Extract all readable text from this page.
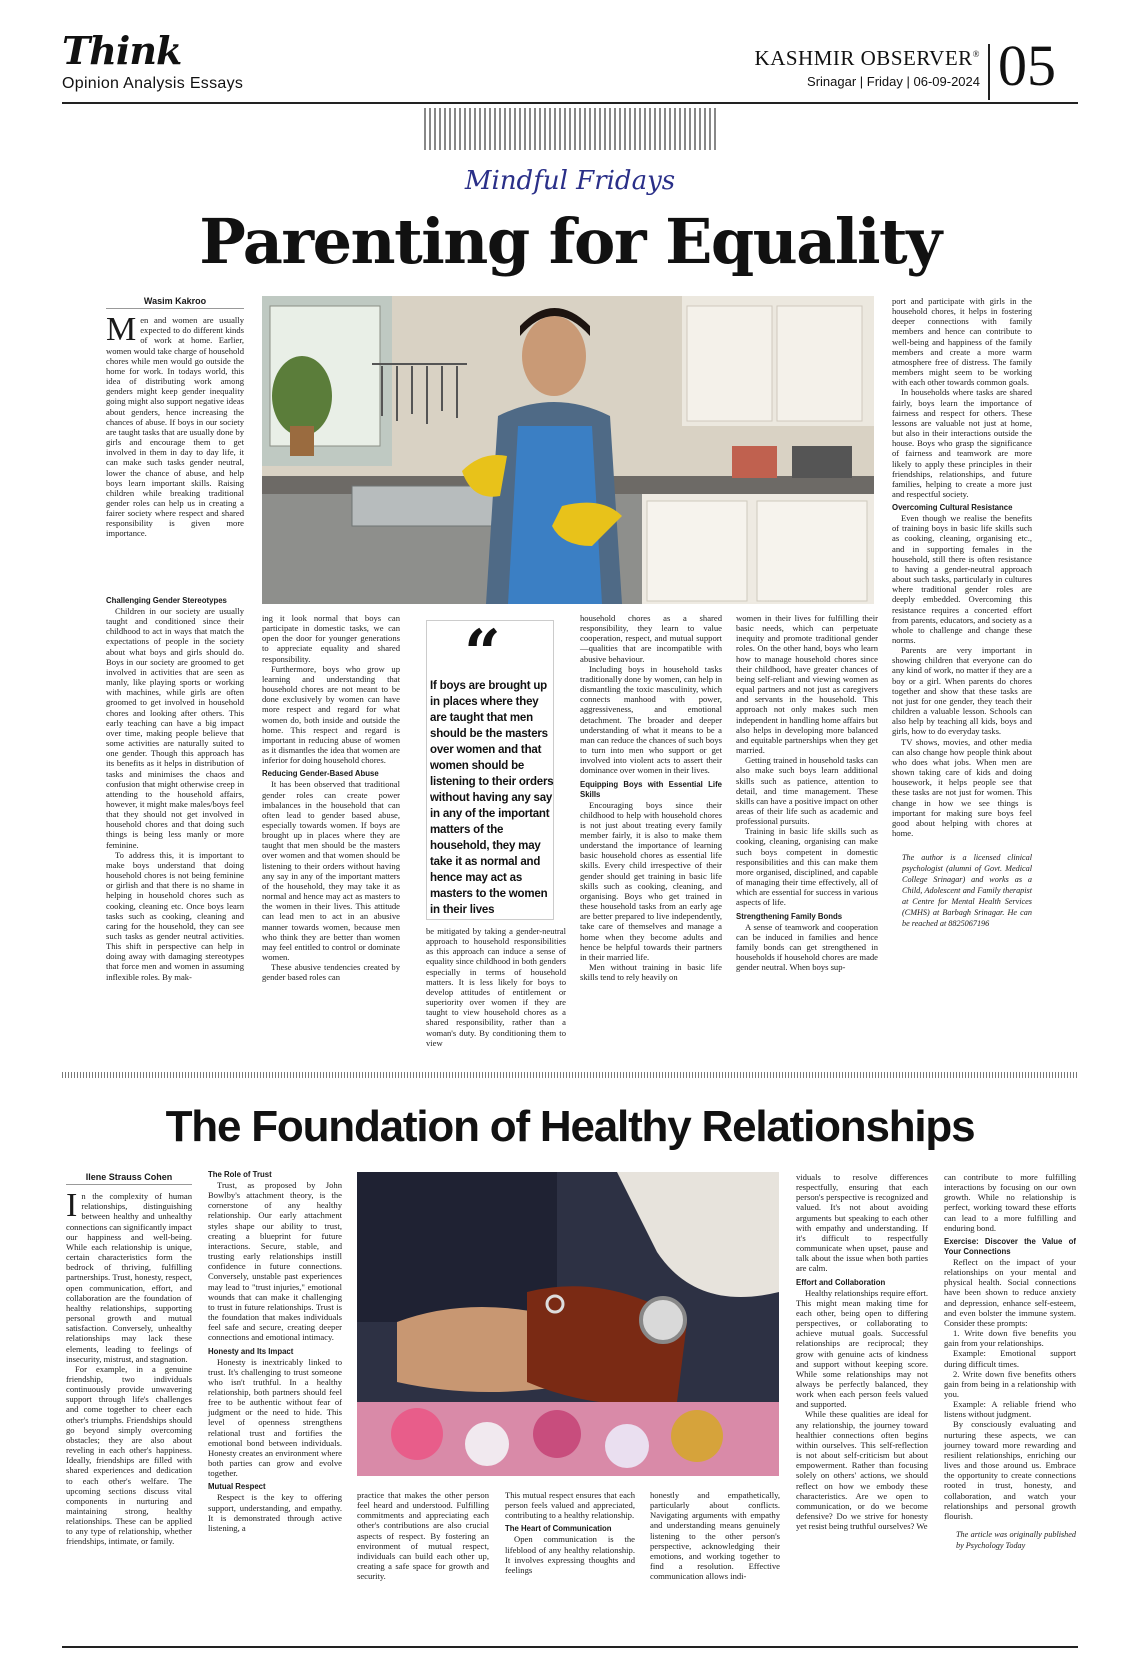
Think
Opinion Analysis Essays
KASHMIR OBSERVER®
Srinagar | Friday | 06-09-2024 05
Mindful Fridays
Parenting for Equality
Wasim Kakroo
Men and women are usually expected to do different kinds of work at home. Earlier, women would take charge of household chores while men would go outside the home for work. In todays world, this idea of distributing work among genders might keep gender inequality going might also support negative ideas about genders, hence increasing the chances of abuse. If boys in our society are taught tasks that are usually done by girls and encourage them to get involved in them in day to day life, it can make such tasks gender neutral, lower the chance of abuse, and help boys learn important skills. Raising children while breaking traditional gender roles can help us in creating a fairer society where respect and shared responsibility is given more importance.
Challenging Gender Stereotypes

Children in our society are usually taught and conditioned since their childhood to act in ways that match the expectations of people in the society about what boys and girls should do. Boys in our society are groomed to get involved in activities that are seen as manly, like playing sports or working with machines, while girls are often groomed to get involved in household chores and looking after others. This early teaching can have a big impact over time, making people believe that some activities are naturally suited to one gender. Though this approach has its benefits as it helps in distribution of tasks and minimises the chaos and confusion that might otherwise creep in attending to the household affairs, however, it might make males/boys feel that they should not get involved in household chores and that doing such things is being less manly or more feminine.

To address this, it is important to make boys understand that doing household chores is not being feminine or girlish and that there is no shame in helping in household chores such as cooking, cleaning etc. Once boys learn tasks such as cooking, cleaning and caring for the household, they can see such tasks as gender neutral activities. This shift in perspective can help in doing away with damaging stereotypes that force men and women in assuming inflexible roles. By mak-

ing it look normal that boys can participate in domestic tasks, we can open the door for younger generations to appreciate equality and shared responsibility.

Furthermore, boys who grow up learning and understanding that household chores are not meant to be done exclusively by women can have more respect and regard for what women do, both inside and outside the home. This respect and regard is important in reducing abuse of women as it dismantles the idea that women are inferior for doing household chores.

Reducing Gender-Based Abuse

It has been observed that traditional gender roles can create power imbalances in the household that can often lead to gender based abuse, especially towards women. If boys are brought up in places where they are taught that men should be the masters over women and that women should be listening to their orders without having any say in any of the important matters of the household, they may take it as normal and hence may act as masters to the women in their lives. This attitude can lead men to act in an abusive manner towards women, because men who think they are better than women may feel entitled to control or dominate women.

These abusive tendencies created by gender based roles can

“
If boys are brought up in places where they are taught that men should be the masters over women and that women should be listening to their orders without having any say in any of the important matters of the household, they may take it as normal and hence may act as masters to the women in their lives

be mitigated by taking a gender-neutral approach to household responsibilities as this approach can induce a sense of equality since childhood in both genders especially in terms of household matters. It is less likely for boys to develop attitudes of entitlement or superiority over women if they are taught to view household chores as a shared responsibility, rather than a woman's duty. By conditioning them to view

household chores as a shared responsibility, they learn to value cooperation, respect, and mutual support—qualities that are incompatible with abusive behaviour.

Including boys in household tasks traditionally done by women, can help in dismantling the toxic masculinity, which connects manhood with power, aggressiveness, and emotional detachment. The broader and deeper understanding of what it means to be a man can reduce the chances of such boys to turn into men who support or get involved into violent acts to assert their dominance over women in their lives.

Equipping Boys with Essential Life Skills

Encouraging boys since their childhood to help with household chores is not just about treating every family member fairly, it is also to make them understand the importance of learning basic household chores as essential life skills. Every child irrespective of their gender should get training in basic life skills such as cooking, cleaning, and organising. Boys who get trained in these household tasks from an early age are better prepared to live independently, take care of themselves and manage a home when they become adults and hence be helpful towards their partners in their married life.

Men without training in basic life skills tend to rely heavily on

women in their lives for fulfilling their basic needs, which can perpetuate inequity and promote traditional gender roles. On the other hand, boys who learn how to manage household chores since their childhood, have greater chances of being self-reliant and viewing women as equal partners and not just as caregivers and servants in the household. This approach not only makes such men independent in handling home affairs but also helps in developing more balanced and equitable partnerships when they get married.

Getting trained in household tasks can also make such boys learn additional skills such as patience, attention to detail, and time management. These skills can have a positive impact on other areas of their life such as academic and professional pursuits.

Training in basic life skills such as cooking, cleaning, organising can make such boys competent in domestic responsibilities and this can make them more organised, disciplined, and capable of managing their time effectively, all of which are essential for success in various aspects of life.

Strengthening Family Bonds

A sense of teamwork and cooperation can be induced in families and hence family bonds can get strengthened in households if household chores are made gender neutral. When boys sup-

port and participate with girls in the household chores, it helps in fostering deeper connections with family members and hence can contribute to well-being and happiness of the family members and create a more warm atmosphere free of distress. The family members might seem to be working with each other towards common goals.

In households where tasks are shared fairly, boys learn the importance of fairness and respect for others. These lessons are valuable not just at home, but also in their interactions outside the house. Boys who grasp the significance of fairness and teamwork are more likely to apply these principles in their friendships, relationships, and future families, helping to create a more just and respectful society.

Overcoming Cultural Resistance

Even though we realise the benefits of training boys in basic life skills such as cooking, cleaning, organising etc., and in supporting females in the household, still there is often resistance to having a gender-neutral approach about such tasks, particularly in cultures where traditional gender roles are deeply embedded. Overcoming this resistance requires a concerted effort from parents, educators, and society as a whole to challenge and change these norms.

Parents are very important in showing children that everyone can do any kind of work, no matter if they are a boy or a girl. When parents do chores together and show that these tasks are not just for one gender, they teach their children a valuable lesson. Schools can also help by teaching all kids, boys and girls, how to do everyday tasks.

TV shows, movies, and other media can also change how people think about who does what jobs. When men are shown taking care of kids and doing housework, it helps people see that these tasks are not just for women. This change in how we see things is important for making sure boys feel good about helping with chores at home.

The author is a licensed clinical psychologist (alumni of Govt. Medical College Srinagar) and works as a Child, Adolescent and Family therapist at Centre for Mental Health Services (CMHS) at Barbagh Srinagar. He can be reached at 8825067196
The Foundation of Healthy Relationships
Ilene Strauss Cohen
In the complexity of human relationships, distinguishing between healthy and unhealthy connections can significantly impact our happiness and well-being. While each relationship is unique, certain characteristics form the bedrock of thriving, fulfilling partnerships. Trust, honesty, respect, open communication, effort, and collaboration are the foundation of healthy relationships, supporting personal growth and mutual satisfaction. Conversely, unhealthy relationships may lack these elements, leading to feelings of insecurity, mistrust, and stagnation.

For example, in a genuine friendship, two individuals continuously provide unwavering support through life's challenges and come together to cheer each other's triumphs. Friendships should go beyond simply overcoming obstacles; they are also about reveling in each other's happiness. Ideally, friendships are filled with shared experiences and dedication to each other's welfare. The upcoming sections discuss vital components in nurturing and maintaining strong, healthy relationships. These can be applied to any type of relationship, whether friendships, intimate, or family.

The Role of Trust

Trust, as proposed by John Bowlby's attachment theory, is the cornerstone of any healthy relationship. Our early attachment styles shape our ability to trust, creating a blueprint for future interactions. Secure, stable, and trusting early relationships instill confidence in future connections. Conversely, unstable past experiences may lead to "trust injuries," emotional wounds that can make it challenging to trust in future relationships. Trust is the foundation that makes individuals feel safe and secure, creating deeper connections and emotional intimacy.

Honesty and Its Impact

Honesty is inextricably linked to trust. It's challenging to trust someone who isn't truthful. In a healthy relationship, both partners should feel free to be authentic without fear of judgment or the need to hide. This level of openness strengthens relational trust and fortifies the emotional bond between individuals. Honesty creates an environment where both parties can grow and evolve together.

Mutual Respect

Respect is the key to offering support, understanding, and empathy. It is demonstrated through active listening, a

practice that makes the other person feel heard and understood. Fulfilling commitments and appreciating each other's contributions are also crucial aspects of respect. By fostering an environment of mutual respect, individuals can build each other up, creating a safe space for growth and security.

This mutual respect ensures that each person feels valued and appreciated, contributing to a healthy relationship.

The Heart of Communication

Open communication is the lifeblood of any healthy relationship. It involves expressing thoughts and feelings

honestly and empathetically, particularly about conflicts. Navigating arguments with empathy and understanding means genuinely listening to the other person's perspective, acknowledging their emotions, and working together to find a resolution. Effective communication allows indi-

viduals to resolve differences respectfully, ensuring that each person's perspective is recognized and valued. It's not about avoiding arguments but speaking to each other with empathy and understanding. If it's difficult to respectfully communicate when upset, pause and talk about the issue when both parties are calm.

Effort and Collaboration

Healthy relationships require effort. This might mean making time for each other, being open to differing perspectives, or collaborating to achieve mutual goals. Successful relationships are reciprocal; they grow with genuine acts of kindness and support without keeping score. While some relationships may not always be perfectly balanced, they work when each person feels valued and supported.

While these qualities are ideal for any relationship, the journey toward healthier connections often begins within ourselves. This self-reflection is not about self-criticism but about empowerment. Rather than focusing solely on others' actions, we should reflect on how we embody these characteristics. Are we open to communication, or do we become defensive? Do we strive for honesty yet resist being truthful ourselves? We

can contribute to more fulfilling interactions by focusing on our own growth. While no relationship is perfect, working toward these efforts can lead to a more fulfilling and enduring bond.

Exercise: Discover the Value of Your Connections

Reflect on the impact of your relationships on your mental and physical health. Social connections have been shown to reduce anxiety and depression, enhance self-esteem, and even bolster the immune system. Consider these prompts:

1. Write down five benefits you gain from your relationships.

Example: Emotional support during difficult times.

2. Write down five benefits others gain from being in a relationship with you.

Example: A reliable friend who listens without judgment.

By consciously evaluating and nurturing these aspects, we can journey toward more rewarding and resilient relationships, enriching our lives and those around us. Embrace the opportunity to create connections rooted in trust, honesty, and collaboration, and watch your relationships and personal growth flourish.

The article was originally published by Psychology Today
